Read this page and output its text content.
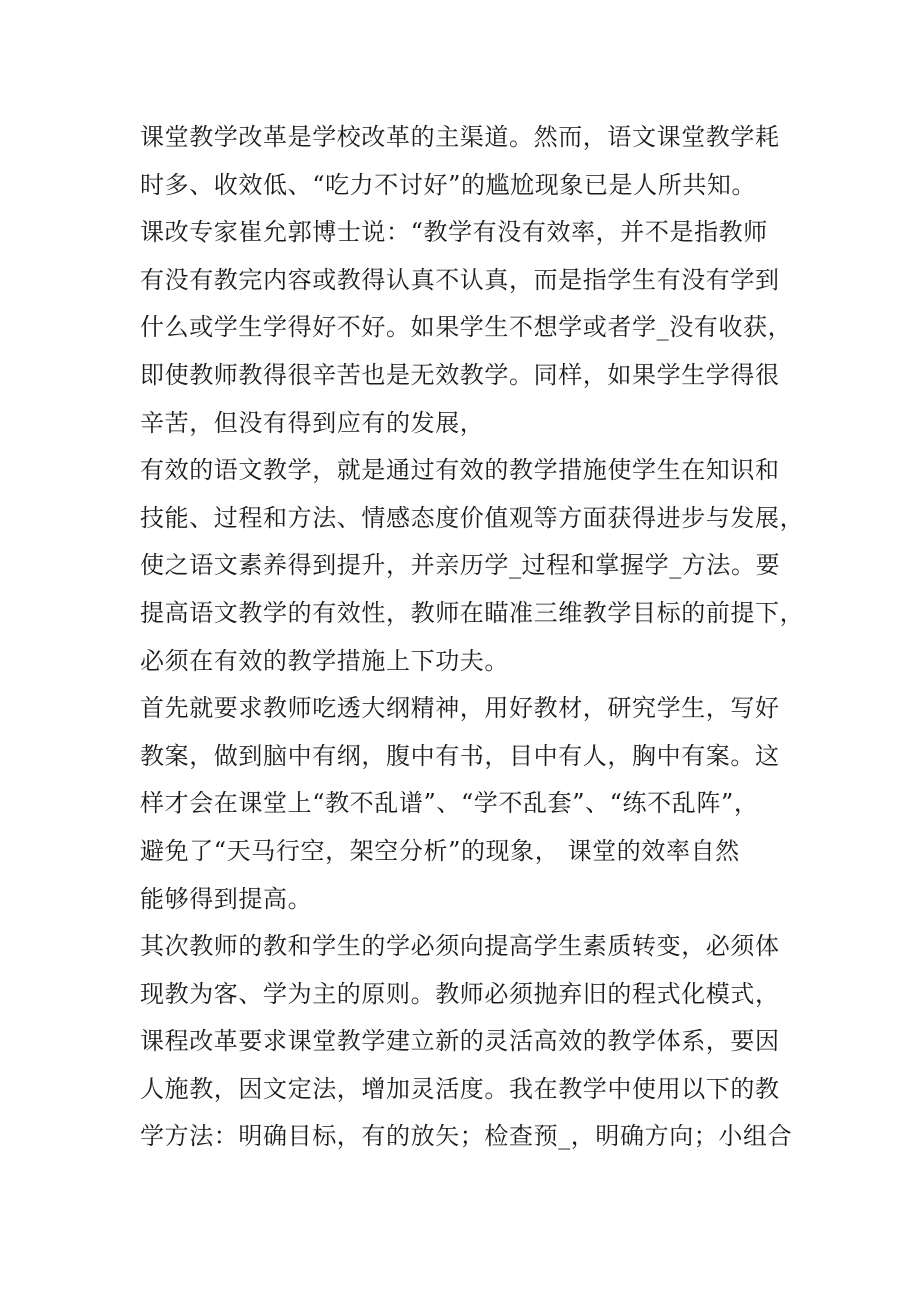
课堂教学改革是学校改革的主渠道。然而，语文课堂教学耗
时多、收效低、“吃力不讨好”的尴尬现象已是人所共知。
课改专家崔允郭博士说：“教学有没有效率，并不是指教师
有没有教完内容或教得认真不认真，而是指学生有没有学到
什么或学生学得好不好。如果学生不想学或者学_没有收获，
即使教师教得很辛苦也是无效教学。同样，如果学生学得很
辛苦，但没有得到应有的发展，
有效的语文教学，就是通过有效的教学措施使学生在知识和
技能、过程和方法、情感态度价值观等方面获得进步与发展，
使之语文素养得到提升，并亲历学_过程和掌握学_方法。要
提高语文教学的有效性，教师在瞄准三维教学目标的前提下，
必须在有效的教学措施上下功夫。
首先就要求教师吃透大纲精神，用好教材，研究学生，写好
教案，做到脑中有纲，腹中有书，目中有人，胸中有案。这
样才会在课堂上“教不乱谱”、“学不乱套”、“练不乱阵”，
避免了“天马行空，架空分析”的现象， 课堂的效率自然
能够得到提高。
其次教师的教和学生的学必须向提高学生素质转变，必须体
现教为客、学为主的原则。教师必须抛弃旧的程式化模式，
课程改革要求课堂教学建立新的灵活高效的教学体系，要因
人施教，因文定法，增加灵活度。我在教学中使用以下的教
学方法：明确目标，有的放矢；检查预_，明确方向；小组合
